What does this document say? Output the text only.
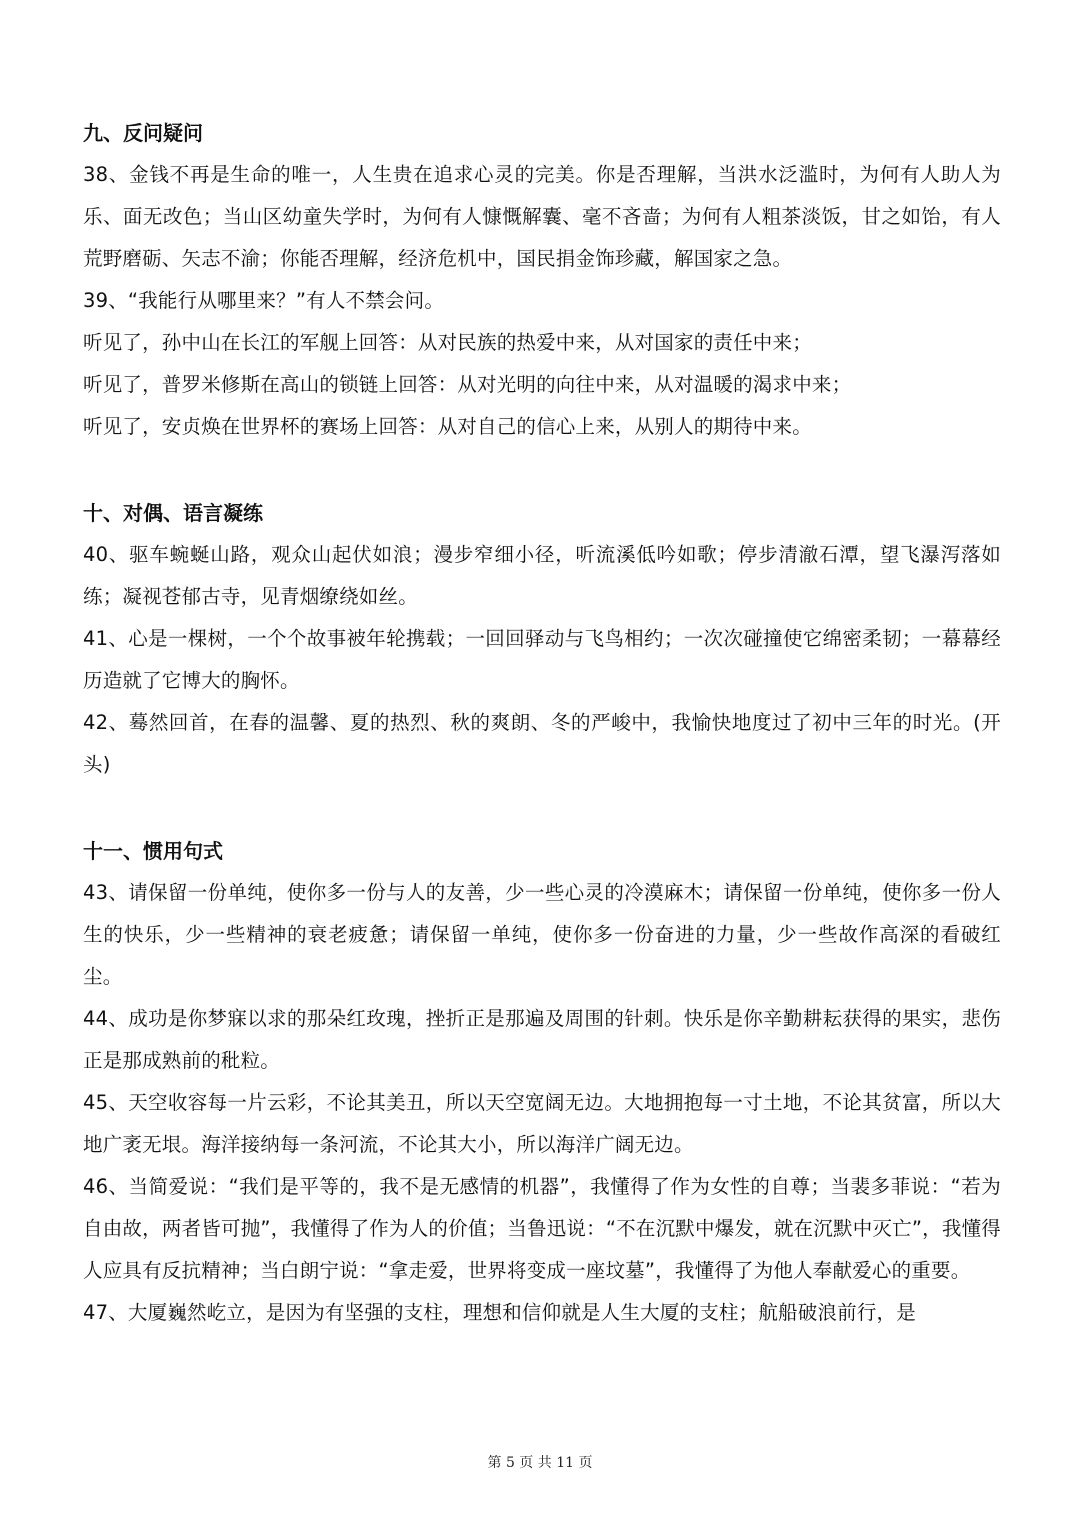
九、反问疑问

38、金钱不再是生命的唯一，人生贵在追求心灵的完美。你是否理解，当洪水泛滥时，为何有人助人为乐、面无改色；当山区幼童失学时，为何有人慷慨解囊、毫不吝啬；为何有人粗茶淡饭，甘之如饴，有人荒野磨砺、矢志不渝；你能否理解，经济危机中，国民捐金饰珍藏，解国家之急。

39、“我能行从哪里来？”有人不禁会问。

听见了，孙中山在长江的军舰上回答：从对民族的热爱中来，从对国家的责任中来；

听见了，普罗米修斯在高山的锁链上回答：从对光明的向往中来，从对温暖的渴求中来；

听见了，安贞焕在世界杯的赛场上回答：从对自己的信心上来，从别人的期待中来。

十、对偶、语言凝练

40、驱车蜿蜒山路，观众山起伏如浪；漫步窄细小径，听流溪低吟如歌；停步清澈石潭，望飞瀑泻落如练；凝视苍郁古寺，见青烟缭绕如丝。

41、心是一棵树，一个个故事被年轮携载；一回回驿动与飞鸟相约；一次次碰撞使它绵密柔韧；一幕幕经历造就了它博大的胸怀。

42、蓦然回首，在春的温馨、夏的热烈、秋的爽朗、冬的严峻中，我愉快地度过了初中三年的时光。(开头)

十一、惯用句式

43、请保留一份单纯，使你多一份与人的友善，少一些心灵的冷漠麻木；请保留一份单纯，使你多一份人生的快乐，少一些精神的衰老疲惫；请保留一单纯，使你多一份奋进的力量，少一些故作高深的看破红尘。

44、成功是你梦寐以求的那朵红玫瑰，挫折正是那遍及周围的针刺。快乐是你辛勤耕耘获得的果实，悲伤正是那成熟前的秕粒。

45、天空收容每一片云彩，不论其美丑，所以天空宽阔无边。大地拥抱每一寸土地，不论其贫富，所以大地广袤无垠。海洋接纳每一条河流，不论其大小，所以海洋广阔无边。

46、当简爱说：“我们是平等的，我不是无感情的机器”，我懂得了作为女性的自尊；当裴多菲说：“若为自由故，两者皆可抛”，我懂得了作为人的价值；当鲁迅说：“不在沉默中爆发，就在沉默中灭亡”，我懂得人应具有反抗精神；当白朗宁说：“拿走爱，世界将变成一座坟墓”，我懂得了为他人奉献爱心的重要。

47、大厦巍然屹立，是因为有坚强的支柱，理想和信仰就是人生大厦的支柱；航船破浪前行，是

第 5 页 共 11 页
